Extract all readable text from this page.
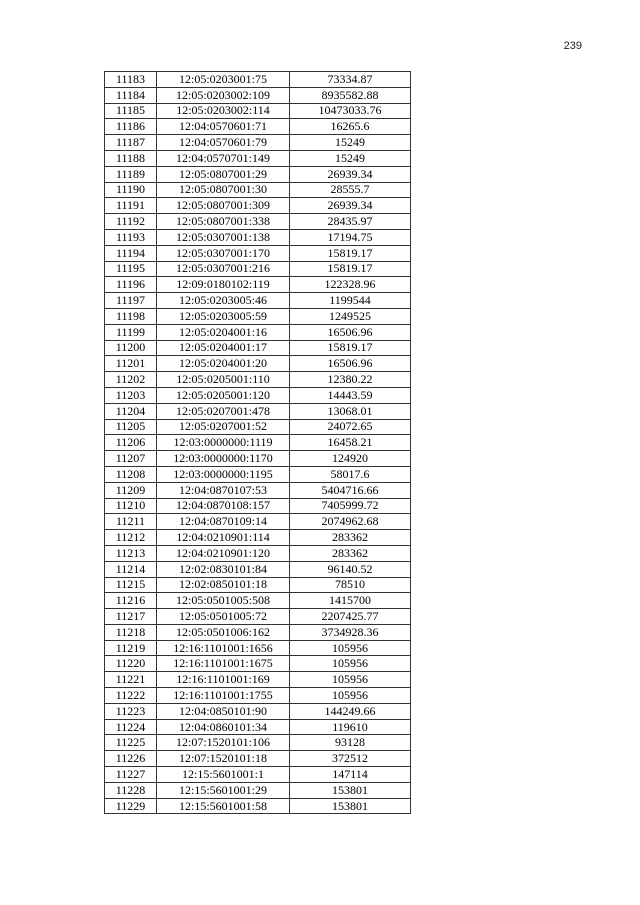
239
11183	12:05:0203001:75	73334.87
11184	12:05:0203002:109	8935582.88
11185	12:05:0203002:114	10473033.76
11186	12:04:0570601:71	16265.6
11187	12:04:0570601:79	15249
11188	12:04:0570701:149	15249
11189	12:05:0807001:29	26939.34
11190	12:05:0807001:30	28555.7
11191	12:05:0807001:309	26939.34
11192	12:05:0807001:338	28435.97
11193	12:05:0307001:138	17194.75
11194	12:05:0307001:170	15819.17
11195	12:05:0307001:216	15819.17
11196	12:09:0180102:119	122328.96
11197	12:05:0203005:46	1199544
11198	12:05:0203005:59	1249525
11199	12:05:0204001:16	16506.96
11200	12:05:0204001:17	15819.17
11201	12:05:0204001:20	16506.96
11202	12:05:0205001:110	12380.22
11203	12:05:0205001:120	14443.59
11204	12:05:0207001:478	13068.01
11205	12:05:0207001:52	24072.65
11206	12:03:0000000:1119	16458.21
11207	12:03:0000000:1170	124920
11208	12:03:0000000:1195	58017.6
11209	12:04:0870107:53	5404716.66
11210	12:04:0870108:157	7405999.72
11211	12:04:0870109:14	2074962.68
11212	12:04:0210901:114	283362
11213	12:04:0210901:120	283362
11214	12:02:0830101:84	96140.52
11215	12:02:0850101:18	78510
11216	12:05:0501005:508	1415700
11217	12:05:0501005:72	2207425.77
11218	12:05:0501006:162	3734928.36
11219	12:16:1101001:1656	105956
11220	12:16:1101001:1675	105956
11221	12:16:1101001:169	105956
11222	12:16:1101001:1755	105956
11223	12:04:0850101:90	144249.66
11224	12:04:0860101:34	119610
11225	12:07:1520101:106	93128
11226	12:07:1520101:18	372512
11227	12:15:5601001:1	147114
11228	12:15:5601001:29	153801
11229	12:15:5601001:58	153801
